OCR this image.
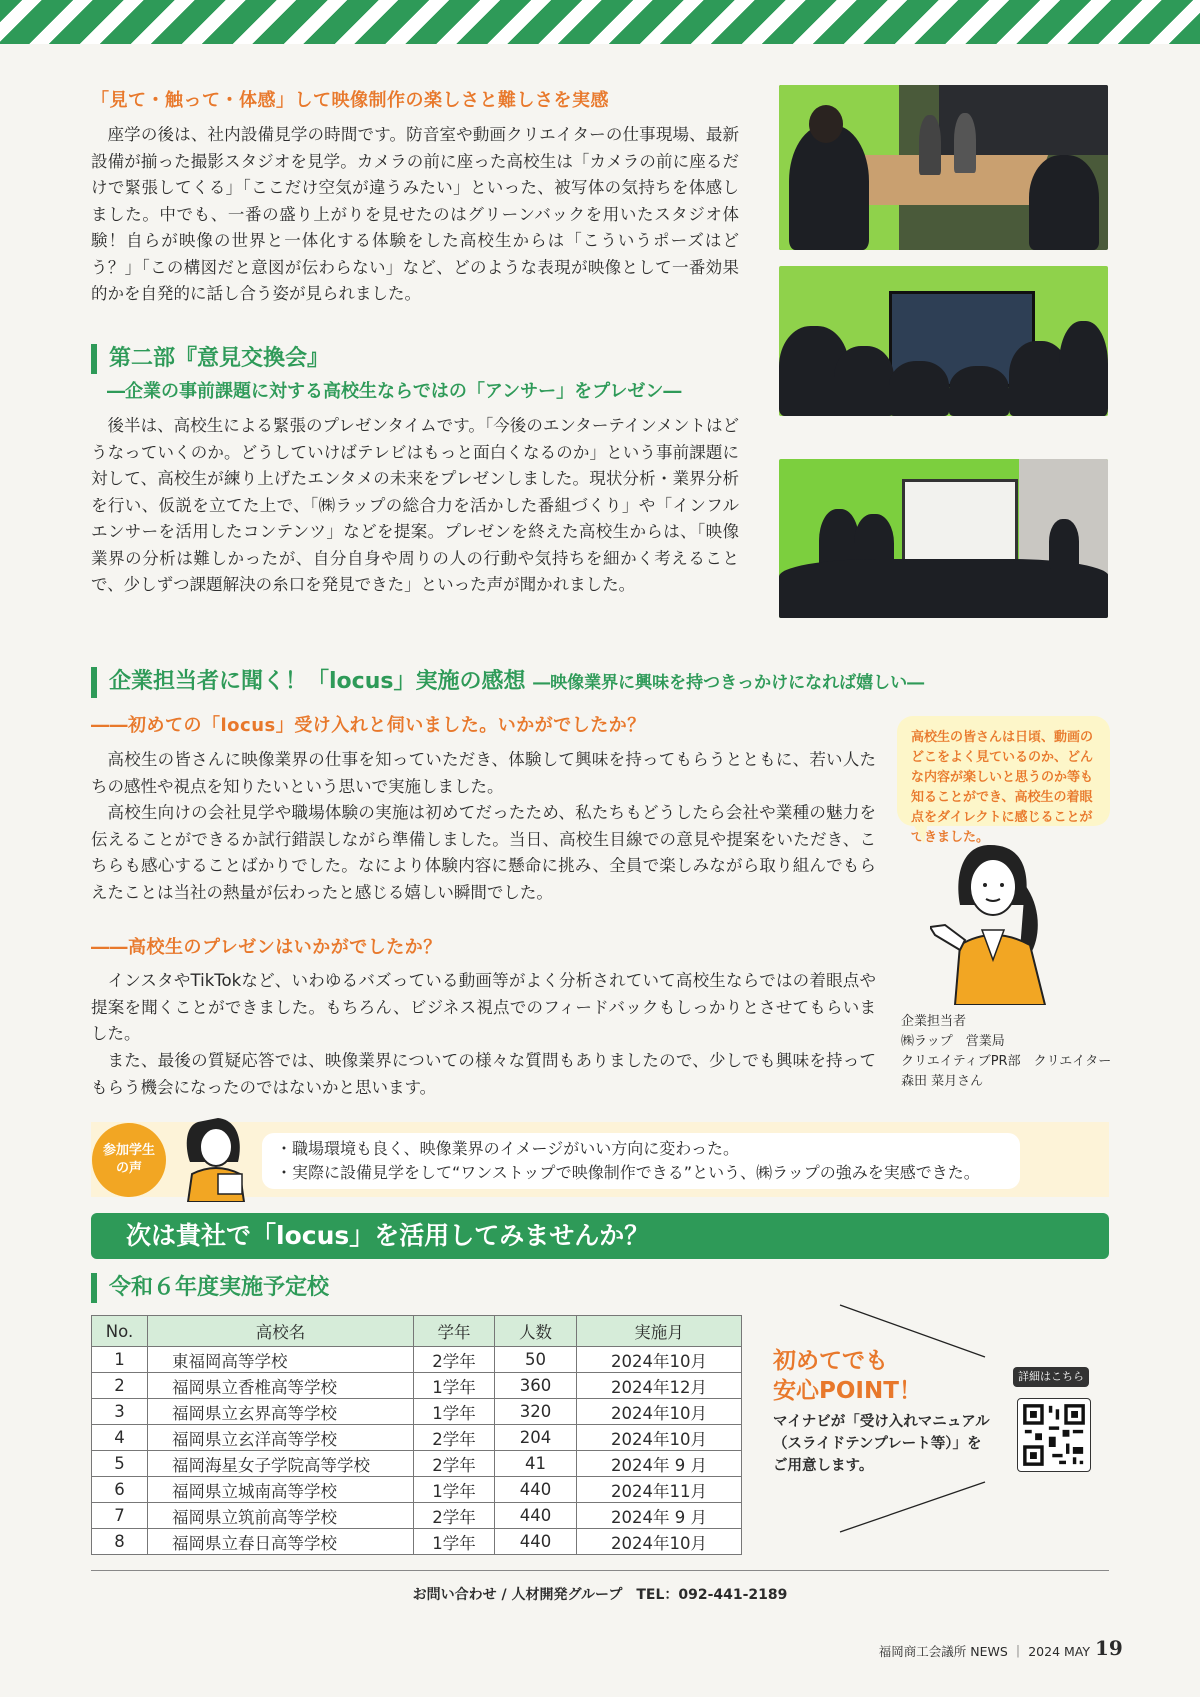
「見て・触って・体感」して映像制作の楽しさと難しさを実感

座学の後は、社内設備見学の時間です。防音室や動画クリエイターの仕事現場、最新設備が揃った撮影スタジオを見学。カメラの前に座った高校生は「カメラの前に座るだけで緊張してくる」「ここだけ空気が違うみたい」といった、被写体の気持ちを体感しました。中でも、一番の盛り上がりを見せたのはグリーンバックを用いたスタジオ体験！自らが映像の世界と一体化する体験をした高校生からは「こういうポーズはどう？」「この構図だと意図が伝わらない」など、どのような表現が映像として一番効果的かを自発的に話し合う姿が見られました。

第二部『意見交換会』
―企業の事前課題に対する高校生ならではの「アンサー」をプレゼン―

後半は、高校生による緊張のプレゼンタイムです。「今後のエンターテインメントはどうなっていくのか。どうしていけばテレビはもっと面白くなるのか」という事前課題に対して、高校生が練り上げたエンタメの未来をプレゼンしました。現状分析・業界分析を行い、仮説を立てた上で、「㈱ラップの総合力を活かした番組づくり」や「インフルエンサーを活用したコンテンツ」などを提案。プレゼンを終えた高校生からは、「映像業界の分析は難しかったが、自分自身や周りの人の行動や気持ちを細かく考えることで、少しずつ課題解決の糸口を発見できた」といった声が聞かれました。

企業担当者に聞く！「locus」実施の感想 ―映像業界に興味を持つきっかけになれば嬉しい―
――初めての「locus」受け入れと伺いました。いかがでしたか？

高校生の皆さんに映像業界の仕事を知っていただき、体験して興味を持ってもらうとともに、若い人たちの感性や視点を知りたいという思いで実施しました。

高校生向けの会社見学や職場体験の実施は初めてだったため、私たちもどうしたら会社や業種の魅力を伝えることができるか試行錯誤しながら準備しました。当日、高校生目線での意見や提案をいただき、こちらも感心することばかりでした。なにより体験内容に懸命に挑み、全員で楽しみながら取り組んでもらえたことは当社の熱量が伝わったと感じる嬉しい瞬間でした。

――高校生のプレゼンはいかがでしたか？

インスタやTikTokなど、いわゆるバズっている動画等がよく分析されていて高校生ならではの着眼点や提案を聞くことができました。もちろん、ビジネス視点でのフィードバックもしっかりとさせてもらいました。

また、最後の質疑応答では、映像業界についての様々な質問もありましたので、少しでも興味を持ってもらう機会になったのではないかと思います。

高校生の皆さんは日頃、動画のどこをよく見ているのか、どんな内容が楽しいと思うのか等も知ることができ、高校生の着眼点をダイレクトに感じることができました。
企業担当者
㈱ラップ　営業局
クリエイティブPR部　クリエイター
森田 菜月さん
参加学生
の声
・職場環境も良く、映像業界のイメージがいい方向に変わった。
・実際に設備見学をして“ワンストップで映像制作できる”という、㈱ラップの強みを実感できた。
次は貴社で「locus」を活用してみませんか？
令和６年度実施予定校
No.	高校名	学年	人数	実施月
1	東福岡高等学校	2学年	50	2024年10月
2	福岡県立香椎高等学校	1学年	360	2024年12月
3	福岡県立玄界高等学校	1学年	320	2024年10月
4	福岡県立玄洋高等学校	2学年	204	2024年10月
5	福岡海星女子学院高等学校	2学年	41	2024年 9 月
6	福岡県立城南高等学校	1学年	440	2024年11月
7	福岡県立筑前高等学校	2学年	440	2024年 9 月
8	福岡県立春日高等学校	1学年	440	2024年10月
初めてでも
安心POINT！
マイナビが「受け入れマニュアル
（スライドテンプレート等）」を
ご用意します。
詳細はこちら
お問い合わせ / 人材開発グループ　TEL：092-441-2189
福岡商工会議所 NEWS ｜ 2024 MAY 19
